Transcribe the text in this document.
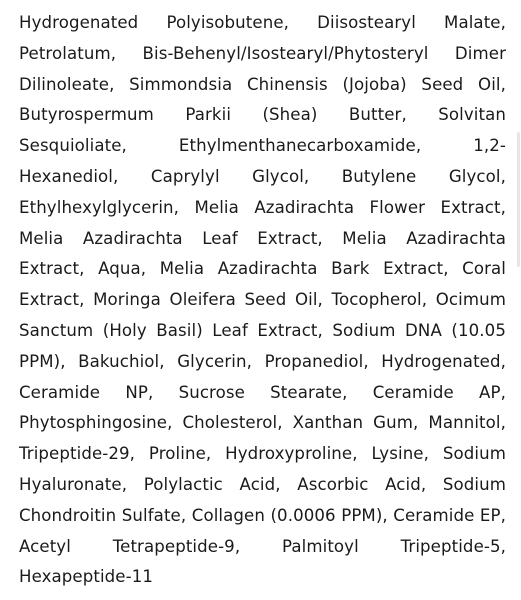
Hydrogenated Polyisobutene, Diisostearyl Malate, Petrolatum, Bis-Behenyl/Isostearyl/Phytosteryl Dimer Dilinoleate, Simmondsia Chinensis (Jojoba) Seed Oil, Butyrospermum Parkii (Shea) Butter, Solvitan Sesquioliate, Ethylmenthanecarboxamide, 1,2-Hexanediol, Caprylyl Glycol, Butylene Glycol, Ethylhexylglycerin, Melia Azadirachta Flower Extract, Melia Azadirachta Leaf Extract, Melia Azadirachta Extract, Aqua, Melia Azadirachta Bark Extract, Coral Extract, Moringa Oleifera Seed Oil, Tocopherol, Ocimum Sanctum (Holy Basil) Leaf Extract, Sodium DNA (10.05 PPM), Bakuchiol, Glycerin, Propanediol, Hydrogenated, Ceramide NP, Sucrose Stearate, Ceramide AP, Phytosphingosine, Cholesterol, Xanthan Gum, Mannitol, Tripeptide-29, Proline, Hydroxyproline, Lysine, Sodium Hyaluronate, Polylactic Acid, Ascorbic Acid, Sodium Chondroitin Sulfate, Collagen (0.0006 PPM), Ceramide EP, Acetyl Tetrapeptide-9, Palmitoyl Tripeptide-5, Hexapeptide-11
